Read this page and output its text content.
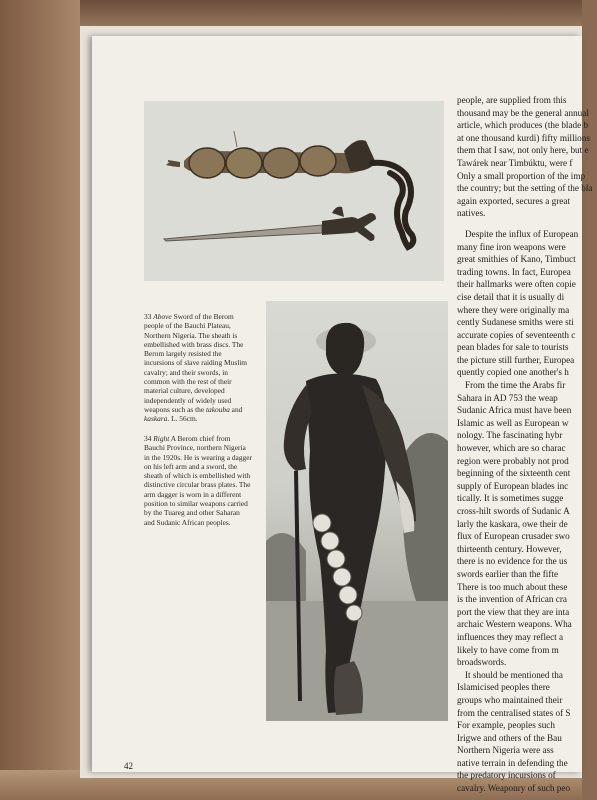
33 Above Sword of the Berom people of the Bauchi Plateau, Northern Nigeria. The sheath is embellished with brass discs. The Berom largely resisted the incursions of slave raiding Muslim cavalry; and their swords, in common with the rest of their material culture, developed independently of widely used weapons such as the takouba and kaskara. L. 56cm.

34 Right A Berom chief from Bauchi Province, northern Nigeria in the 1920s. He is wearing a dagger on his left arm and a sword, the sheath of which is embellished with distinctive circular brass plates. The arm dagger is worn in a different position to similar weapons carried by the Tuareg and other Saharan and Sudanic African peoples.

people, are supplied from this

thousand may be the general annual

article, which produces (the blade b

at one thousand kurdi) fifty millions

them that I saw, not only here, but e

Tawárek near Timbúktu, were f

Only a small proportion of the imp

the country; but the setting of the bla

again exported, secures a great

natives.

Despite the influx of European

many fine iron weapons were

great smithies of Kano, Timbuct

trading towns. In fact, Europea

their hallmarks were often copie

cise detail that it is usually di

where they were originally ma

cently Sudanese smiths were sti

accurate copies of seventeenth c

pean blades for sale to tourists

the picture still further, Europea

quently copied one another's h

From the time the Arabs fir

Sahara in AD 753 the weap

Sudanic Africa must have been

Islamic as well as European w

nology. The fascinating hybr

however, which are so charac

region were probably not prod

beginning of the sixteenth cent

supply of European blades inc

tically. It is sometimes sugge

cross-hilt swords of Sudanic A

larly the kaskara, owe their de

flux of European crusader swo

thirteenth century. However,

there is no evidence for the us

swords earlier than the fifte

There is too much about these

is the invention of African cra

port the view that they are inta

archaic Western weapons. Wha

influences they may reflect a

likely to have come from m

broadswords.

It should be mentioned tha

Islamicised peoples there

groups who maintained their

from the centralised states of S

For example, peoples such

Irigwe and others of the Bau

Northern Nigeria were ass

native terrain in defending the

the predatory incursions of

cavalry. Weaponry of such peo

42
